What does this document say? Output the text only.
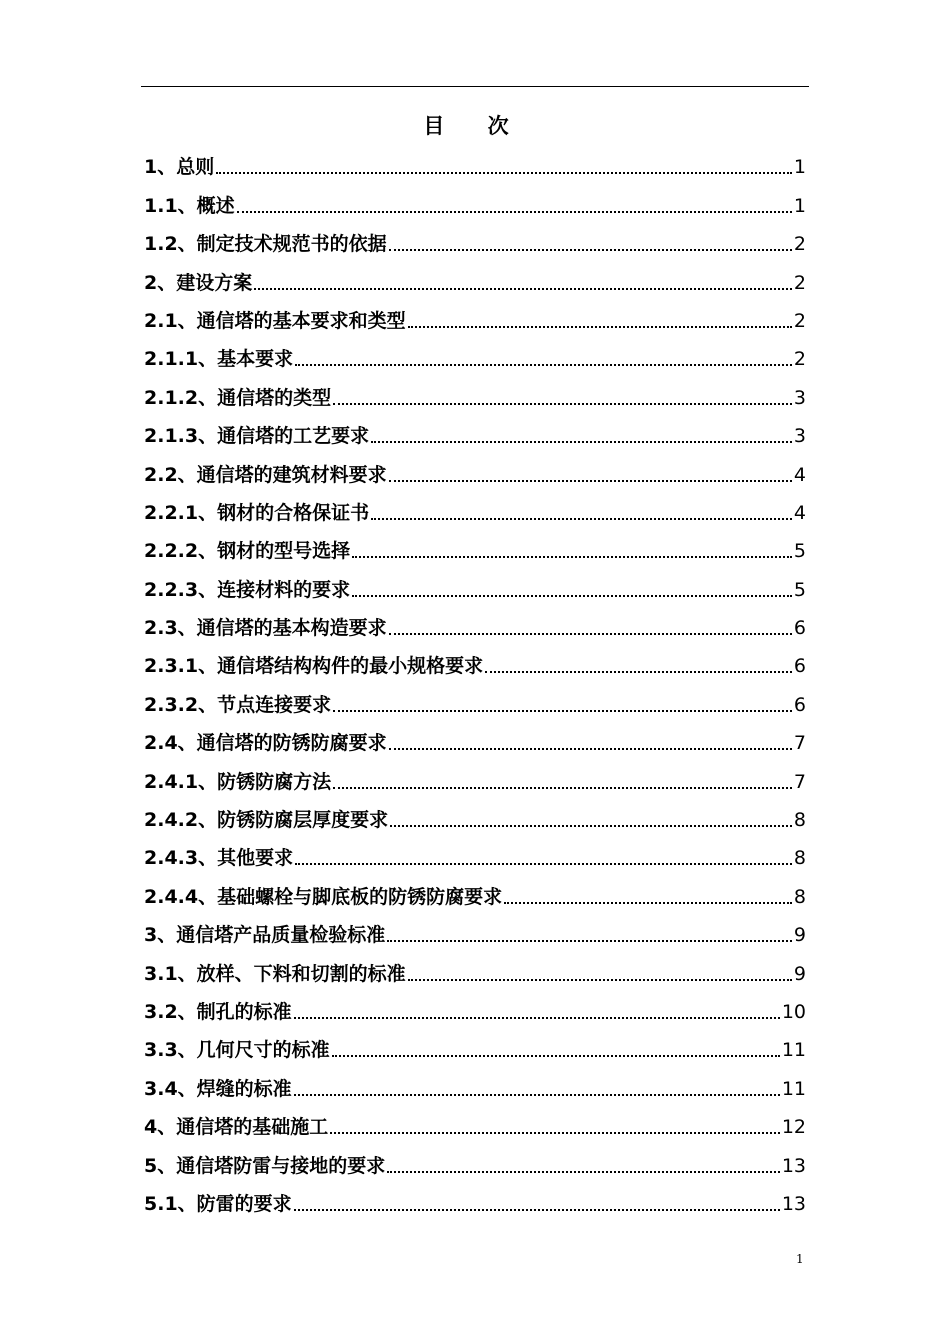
目 次
1、总则	1
1.1、概述	1
1.2、制定技术规范书的依据	2
2、建设方案	2
2.1、通信塔的基本要求和类型	2
2.1.1、基本要求	2
2.1.2、通信塔的类型	3
2.1.3、通信塔的工艺要求	3
2.2、通信塔的建筑材料要求	4
2.2.1、钢材的合格保证书	4
2.2.2、钢材的型号选择	5
2.2.3、连接材料的要求	5
2.3、通信塔的基本构造要求	6
2.3.1、通信塔结构构件的最小规格要求	6
2.3.2、节点连接要求	6
2.4、通信塔的防锈防腐要求	7
2.4.1、防锈防腐方法	7
2.4.2、防锈防腐层厚度要求	8
2.4.3、其他要求	8
2.4.4、基础螺栓与脚底板的防锈防腐要求	8
3、通信塔产品质量检验标准	9
3.1、放样、下料和切割的标准	9
3.2、制孔的标准	10
3.3、几何尺寸的标准	11
3.4、焊缝的标准	11
4、通信塔的基础施工	12
5、通信塔防雷与接地的要求	13
5.1、防雷的要求	13
1
